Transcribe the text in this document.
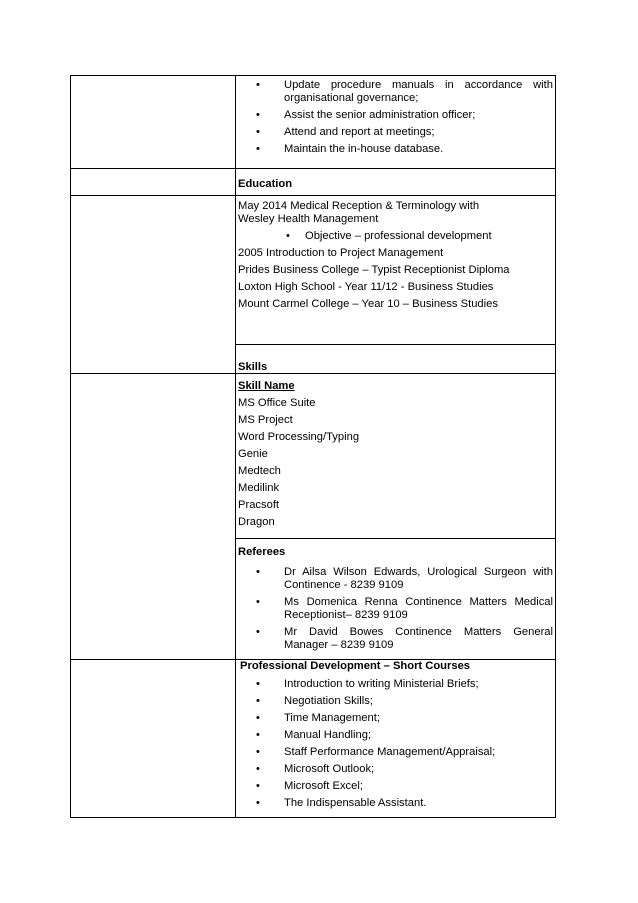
• Update procedure manuals in accordance with organisational governance;
• Assist the senior administration officer;
• Attend and report at meetings;
• Maintain the in-house database.
Education
May 2014 Medical Reception & Terminology with
Wesley Health Management
• Objective – professional development
2005 Introduction to Project Management
Prides Business College – Typist Receptionist Diploma
Loxton High School - Year 11/12 - Business Studies
Mount Carmel College – Year 10 – Business Studies
Skills
Skill Name
MS Office Suite
MS Project
Word Processing/Typing
Genie
Medtech
Medilink
Pracsoft
Dragon
Referees
• Dr Ailsa Wilson Edwards, Urological Surgeon with Continence - 8239 9109
• Ms Domenica Renna Continence Matters Medical Receptionist– 8239 9109
• Mr David Bowes Continence Matters General Manager – 8239 9109
Professional Development – Short Courses
• Introduction to writing Ministerial Briefs;
• Negotiation Skills;
• Time Management;
• Manual Handling;
• Staff Performance Management/Appraisal;
• Microsoft Outlook;
• Microsoft Excel;
• The Indispensable Assistant.
